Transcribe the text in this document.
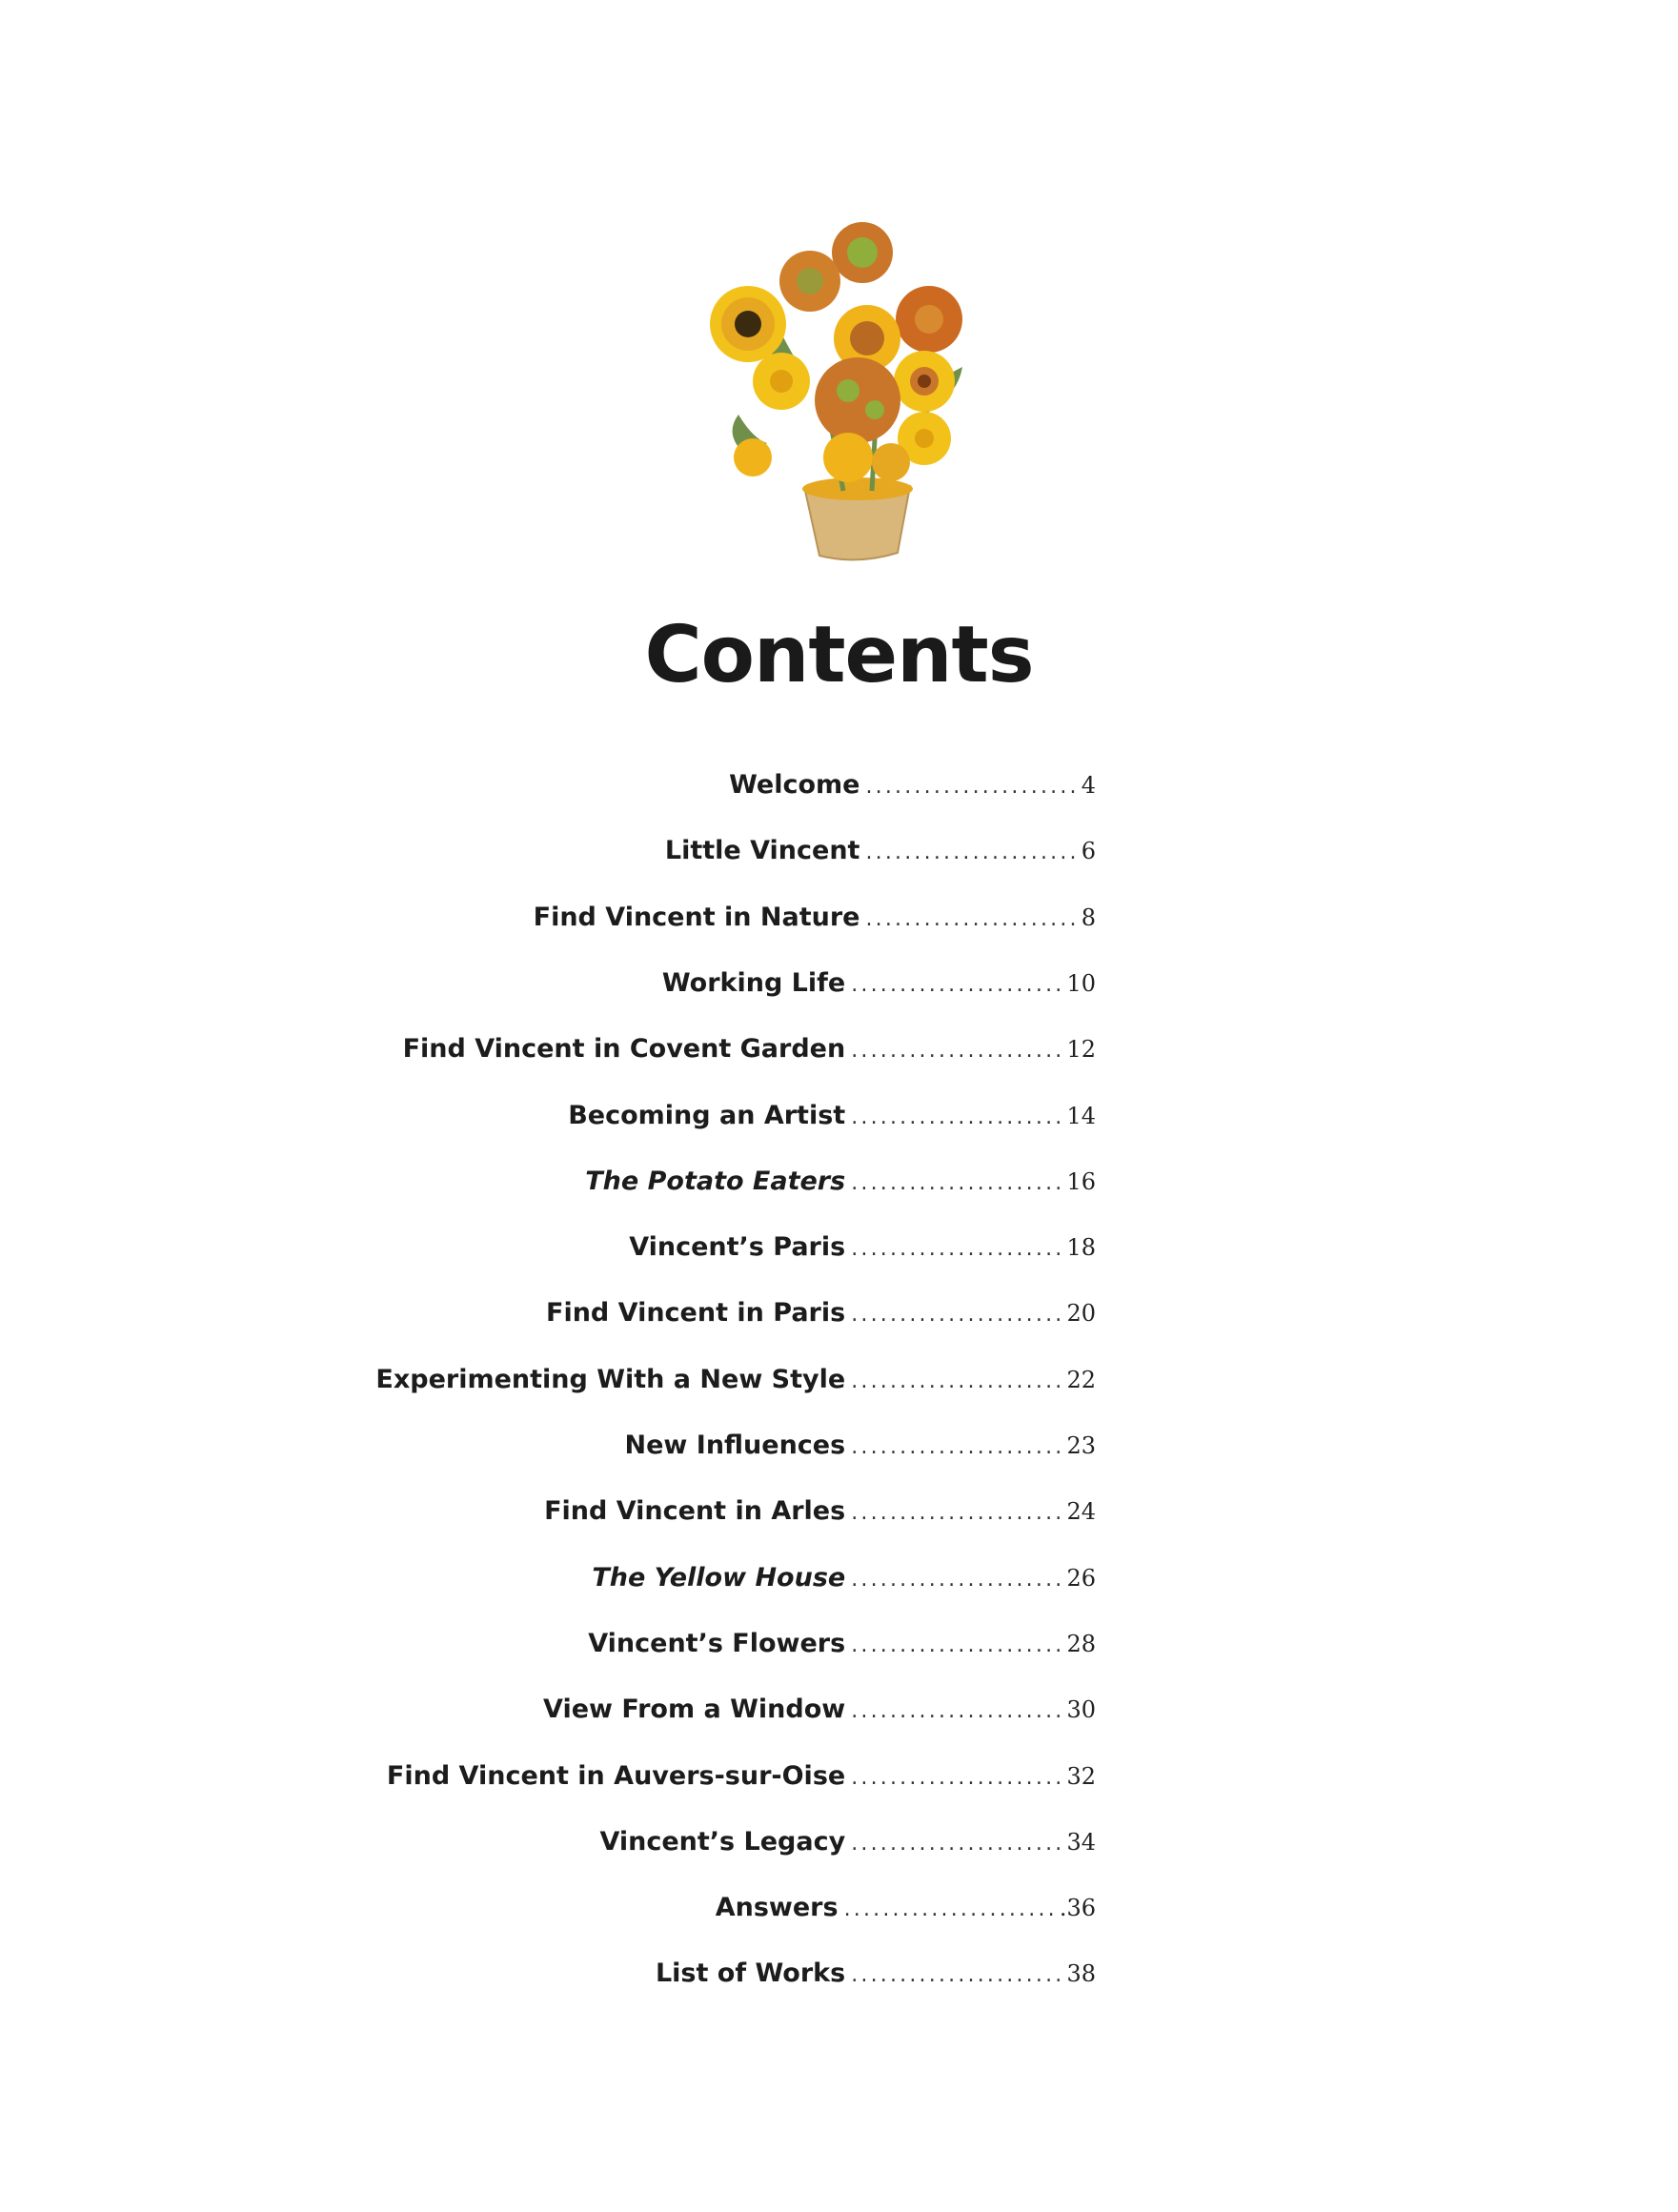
Contents
Welcome ...................... 4
Little Vincent ...................... 6
Find Vincent in Nature ...................... 8
Working Life ...................... 10
Find Vincent in Covent Garden ...................... 12
Becoming an Artist ...................... 14
The Potato Eaters ...................... 16
Vincent’s Paris ...................... 18
Find Vincent in Paris ...................... 20
Experimenting With a New Style ...................... 22
New Influences ...................... 23
Find Vincent in Arles ...................... 24
The Yellow House ...................... 26
Vincent’s Flowers ...................... 28
View From a Window ...................... 30
Find Vincent in Auvers-sur-Oise ...................... 32
Vincent’s Legacy ...................... 34
Answers ...................... .36
List of Works ...................... 38
